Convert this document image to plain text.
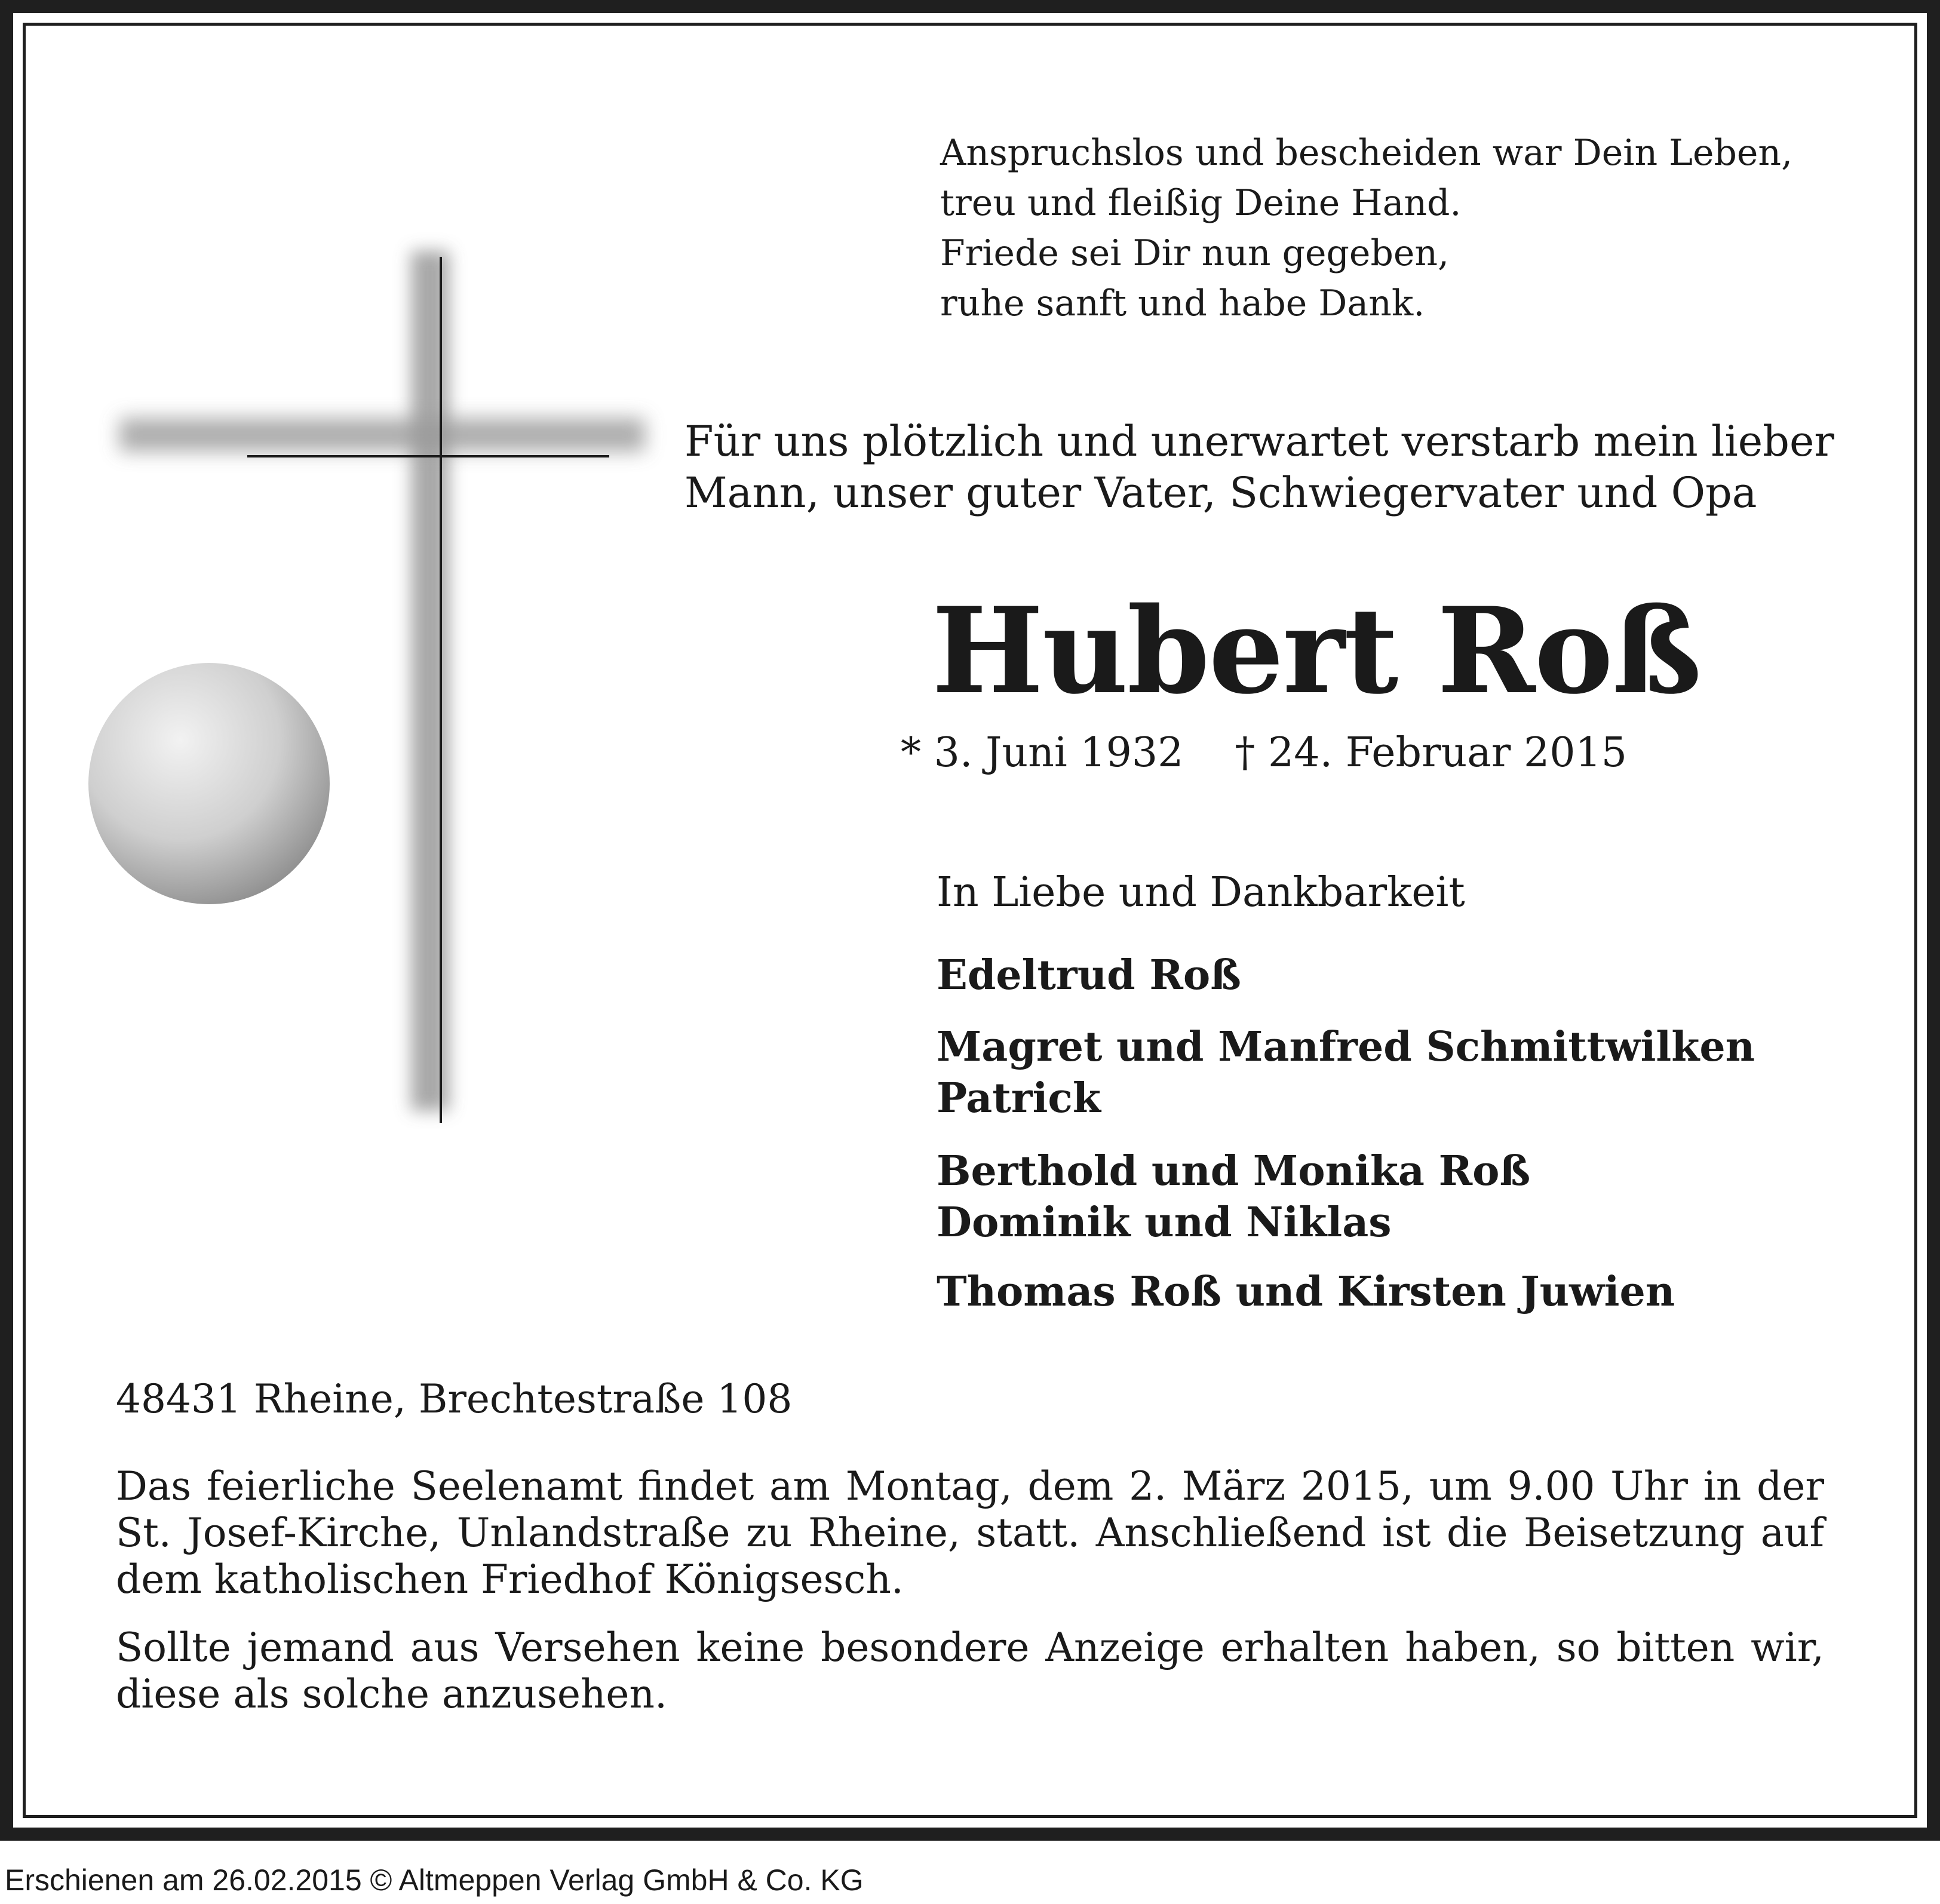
Anspruchslos und bescheiden war Dein Leben,
treu und fleißig Deine Hand.
Friede sei Dir nun gegeben,
ruhe sanft und habe Dank.
Für uns plötzlich und unerwartet verstarb mein lieber
Mann, unser guter Vater, Schwiegervater und Opa
Hubert Roß
* 3. Juni 1932 † 24. Februar 2015
In Liebe und Dankbarkeit
Edeltrud Roß
Magret und Manfred Schmittwilken
Patrick
Berthold und Monika Roß
Dominik und Niklas
Thomas Roß und Kirsten Juwien
48431 Rheine, Brechtestraße 108

Das feierliche Seelenamt findet am Montag, dem 2. März 2015, um 9.00 Uhr in der St. Josef-Kirche, Unlandstraße zu Rheine, statt. Anschließend ist die Beisetzung auf dem katholischen Friedhof Königsesch.

Sollte jemand aus Versehen keine besondere Anzeige erhalten haben, so bitten wir, diese als solche anzusehen.

Erschienen am 26.02.2015 © Altmeppen Verlag GmbH & Co. KG
